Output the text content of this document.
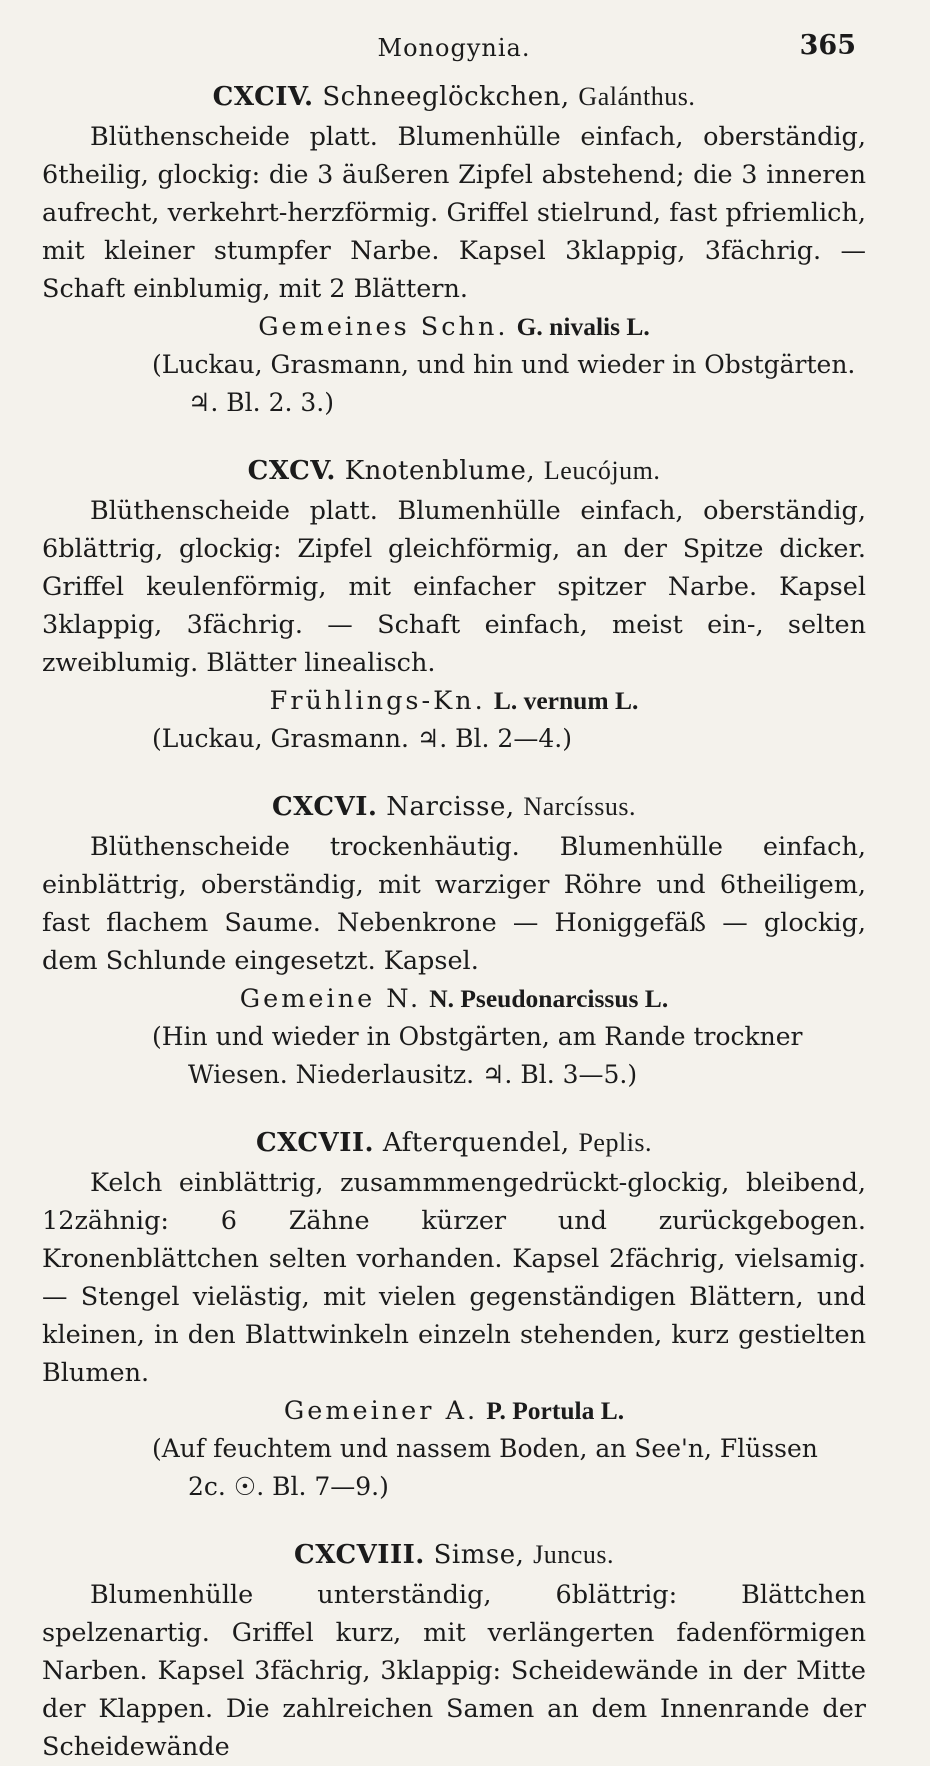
Monogynia.	365
CXCIV. Schneeglöckchen, Galánthus.
Blüthenscheide platt. Blumenhülle einfach, oberständig, 6theilig, glockig: die 3 äußeren Zipfel abstehend; die 3 inneren aufrecht, verkehrt-herzförmig. Griffel stielrund, fast pfriemlich, mit kleiner stumpfer Narbe. Kapsel 3klappig, 3fächrig. — Schaft einblumig, mit 2 Blättern.
Gemeines Schn. G. nivalis L.
(Luckau, Grasmann, und hin und wieder in Obstgärten. ♃. Bl. 2. 3.)
CXCV. Knotenblume, Leucójum.
Blüthenscheide platt. Blumenhülle einfach, oberständig, 6blättrig, glockig: Zipfel gleichförmig, an der Spitze dicker. Griffel keulenförmig, mit einfacher spitzer Narbe. Kapsel 3klappig, 3fächrig. — Schaft einfach, meist ein-, selten zweiblumig. Blätter linealisch.
Frühlings-Kn. L. vernum L.
(Luckau, Grasmann. ♃. Bl. 2—4.)
CXCVI. Narcisse, Narcíssus.
Blüthenscheide trockenhäutig. Blumenhülle einfach, einblättrig, oberständig, mit warziger Röhre und 6theiligem, fast flachem Saume. Nebenkrone — Honiggefäß — glockig, dem Schlunde eingesetzt. Kapsel.
Gemeine N. N. Pseudonarcissus L.
(Hin und wieder in Obstgärten, am Rande trockner Wiesen. Niederlausitz. ♃. Bl. 3—5.)
CXCVII. Afterquendel, Peplis.
Kelch einblättrig, zusammmengedrückt-glockig, bleibend, 12zähnig: 6 Zähne kürzer und zurückgebogen. Kronenblättchen selten vorhanden. Kapsel 2fächrig, vielsamig. — Stengel vielästig, mit vielen gegenständigen Blättern, und kleinen, in den Blattwinkeln einzeln stehenden, kurz gestielten Blumen.
Gemeiner A. P. Portula L.
(Auf feuchtem und nassem Boden, an See'n, Flüssen 2c. ☉. Bl. 7—9.)
CXCVIII. Simse, Juncus.
Blumenhülle unterständig, 6blättrig: Blättchen spelzenartig. Griffel kurz, mit verlängerten fadenförmigen Narben. Kapsel 3fächrig, 3klappig: Scheidewände in der Mitte der Klappen. Die zahlreichen Samen an dem Innenrande der Scheidewände
